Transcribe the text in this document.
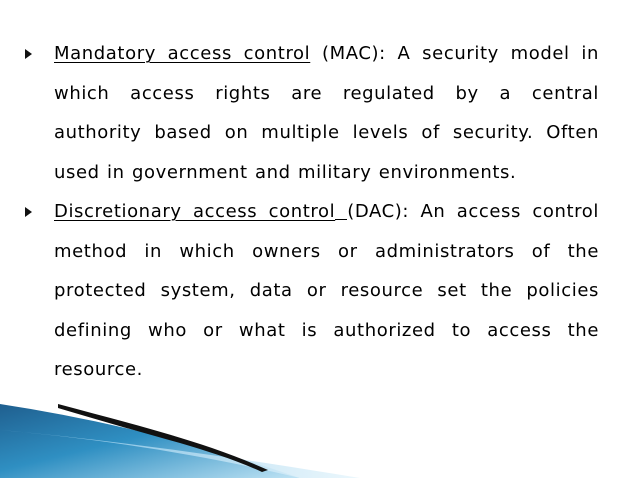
Mandatory access control (MAC): A security model in which access rights are regulated by a central authority based on multiple levels of security. Often used in government and military environments.
Discretionary access control (DAC): An access control method in which owners or administrators of the protected system, data or resource set the policies defining who or what is authorized to access the resource.
